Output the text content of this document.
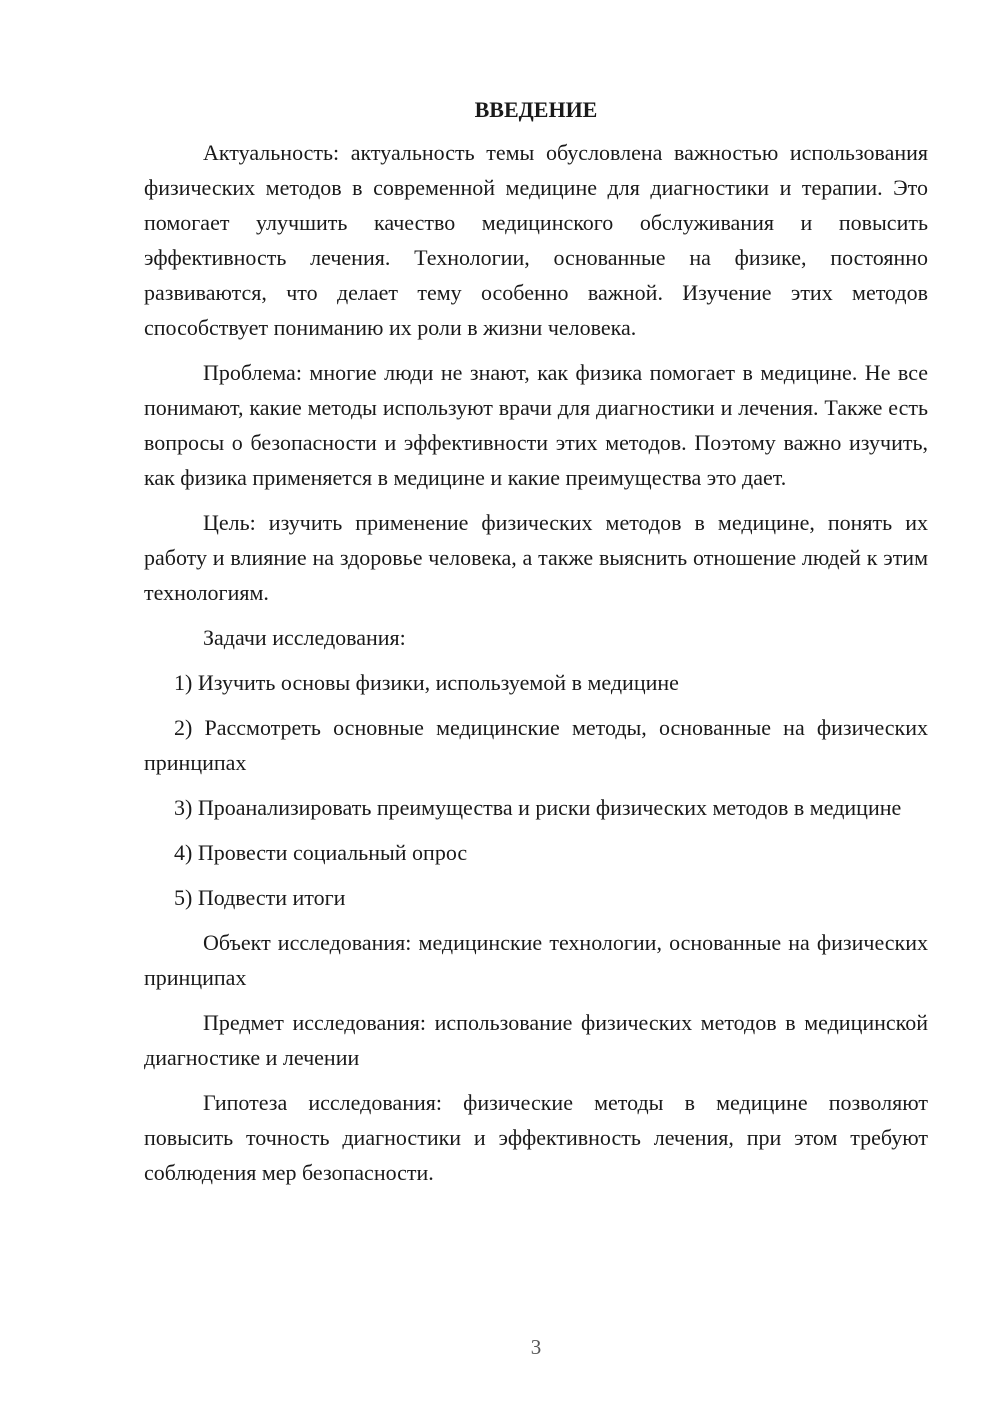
ВВЕДЕНИЕ

Актуальность: актуальность темы обусловлена важностью использования физических методов в современной медицине для диагностики и терапии. Это помогает улучшить качество медицинского обслуживания и повысить эффективность лечения. Технологии, основанные на физике, постоянно развиваются, что делает тему особенно важной. Изучение этих методов способствует пониманию их роли в жизни человека.

Проблема: многие люди не знают, как физика помогает в медицине. Не все понимают, какие методы используют врачи для диагностики и лечения. Также есть вопросы о безопасности и эффективности этих методов. Поэтому важно изучить, как физика применяется в медицине и какие преимущества это дает.

Цель: изучить применение физических методов в медицине, понять их работу и влияние на здоровье человека, а также выяснить отношение людей к этим технологиям.

Задачи исследования:

1) Изучить основы физики, используемой в медицине

2) Рассмотреть основные медицинские методы, основанные на физических принципах

3) Проанализировать преимущества и риски физических методов в медицине

4) Провести социальный опрос

5) Подвести итоги

Объект исследования: медицинские технологии, основанные на физических принципах

Предмет исследования: использование физических методов в медицинской диагностике и лечении

Гипотеза исследования: физические методы в медицине позволяют повысить точность диагностики и эффективность лечения, при этом требуют соблюдения мер безопасности.

3
